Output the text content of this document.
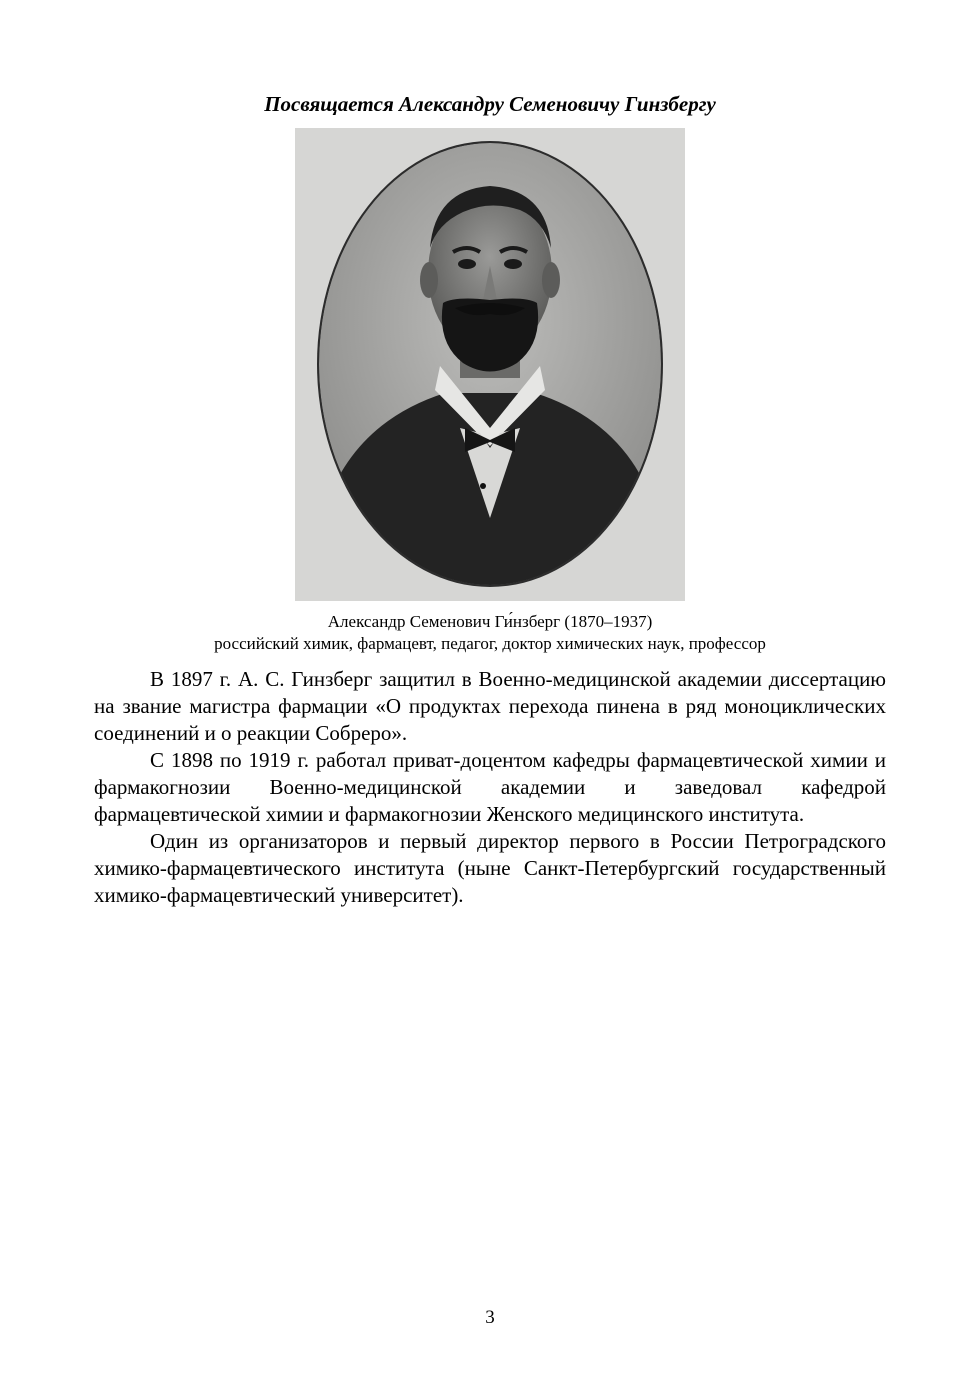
Посвящается Александру Семеновичу Гинзбергу
Александр Семенович Ги́нзберг (1870–1937)
российский химик, фармацевт, педагог, доктор химических наук, профессор

В 1897 г. А. С. Гинзберг защитил в Военно-медицинской академии диссертацию на звание магистра фармации «О продуктах перехода пинена в ряд моноциклических соединений и о реакции Собреро».

С 1898 по 1919 г. работал приват-доцентом кафедры фармацевтической химии и фармакогнозии Военно-медицинской академии и заведовал кафедрой фармацевтической химии и фармакогнозии Женского медицинского института.

Один из организаторов и первый директор первого в России Петроградского химико-фармацевтического института (ныне Санкт-Петербургский государственный химико-фармацевтический университет).

3
